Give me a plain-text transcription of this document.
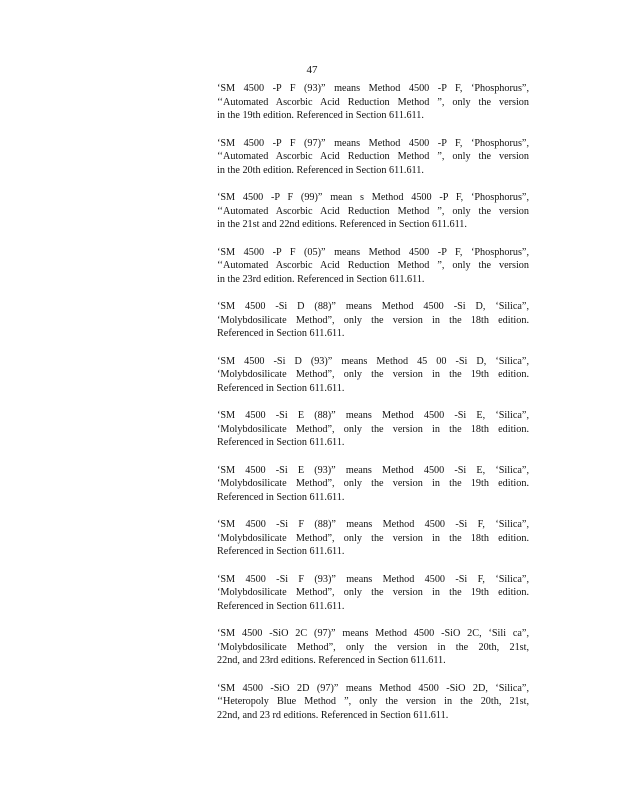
47
‘SM 4500 -P F (93)” means Method 4500 -P F, ‘Phosphorus”,
‘‘Automated Ascorbic Acid Reduction Method ”, only the version
in the 19th edition. Referenced in Section 611.611.
‘SM 4500 -P F (97)” means Method 4500 -P F, ‘Phosphorus”,
‘‘Automated Ascorbic Acid Reduction Method ”, only the version
in the 20th edition. Referenced in Section 611.611.
‘SM 4500 -P F (99)” mean s Method 4500 -P F, ‘Phosphorus”,
‘‘Automated Ascorbic Acid Reduction Method ”, only the version
in the 21st and 22nd editions. Referenced in Section 611.611.
‘SM 4500 -P F (05)” means Method 4500 -P F, ‘Phosphorus”,
‘‘Automated Ascorbic Acid Reduction Method ”, only the version
in the 23rd edition. Referenced in Section 611.611.
‘SM 4500 -Si D (88)” means Method 4500 -Si D, ‘Silica”,
‘Molybdosilicate Method”, only the version in the 18th edition.
Referenced in Section 611.611.
‘SM 4500 -Si D (93)” means Method 45 00 -Si D, ‘Silica”,
‘Molybdosilicate Method”, only the version in the 19th edition.
Referenced in Section 611.611.
‘SM 4500 -Si E (88)” means Method 4500 -Si E, ‘Silica”,
‘Molybdosilicate Method”, only the version in the 18th edition.
Referenced in Section 611.611.
‘SM 4500 -Si E (93)” means Method 4500 -Si E, ‘Silica”,
‘Molybdosilicate Method”, only the version in the 19th edition.
Referenced in Section 611.611.
‘SM 4500 -Si F (88)” means Method 4500 -Si F, ‘Silica”,
‘Molybdosilicate Method”, only the version in the 18th edition.
Referenced in Section 611.611.
‘SM 4500 -Si F (93)” means Method 4500 -Si F, ‘Silica”,
‘Molybdosilicate Method”, only the version in the 19th edition.
Referenced in Section 611.611.
‘SM 4500 -SiO 2C (97)” means Method 4500 -SiO 2C, ‘Sili ca”,
‘Molybdosilicate Method”, only the version in the 20th, 21st,
22nd, and 23rd editions. Referenced in Section 611.611.
‘SM 4500 -SiO 2D (97)” means Method 4500 -SiO 2D, ‘Silica”,
‘‘Heteropoly Blue Method ”, only the version in the 20th, 21st,
22nd, and 23 rd editions. Referenced in Section 611.611.
